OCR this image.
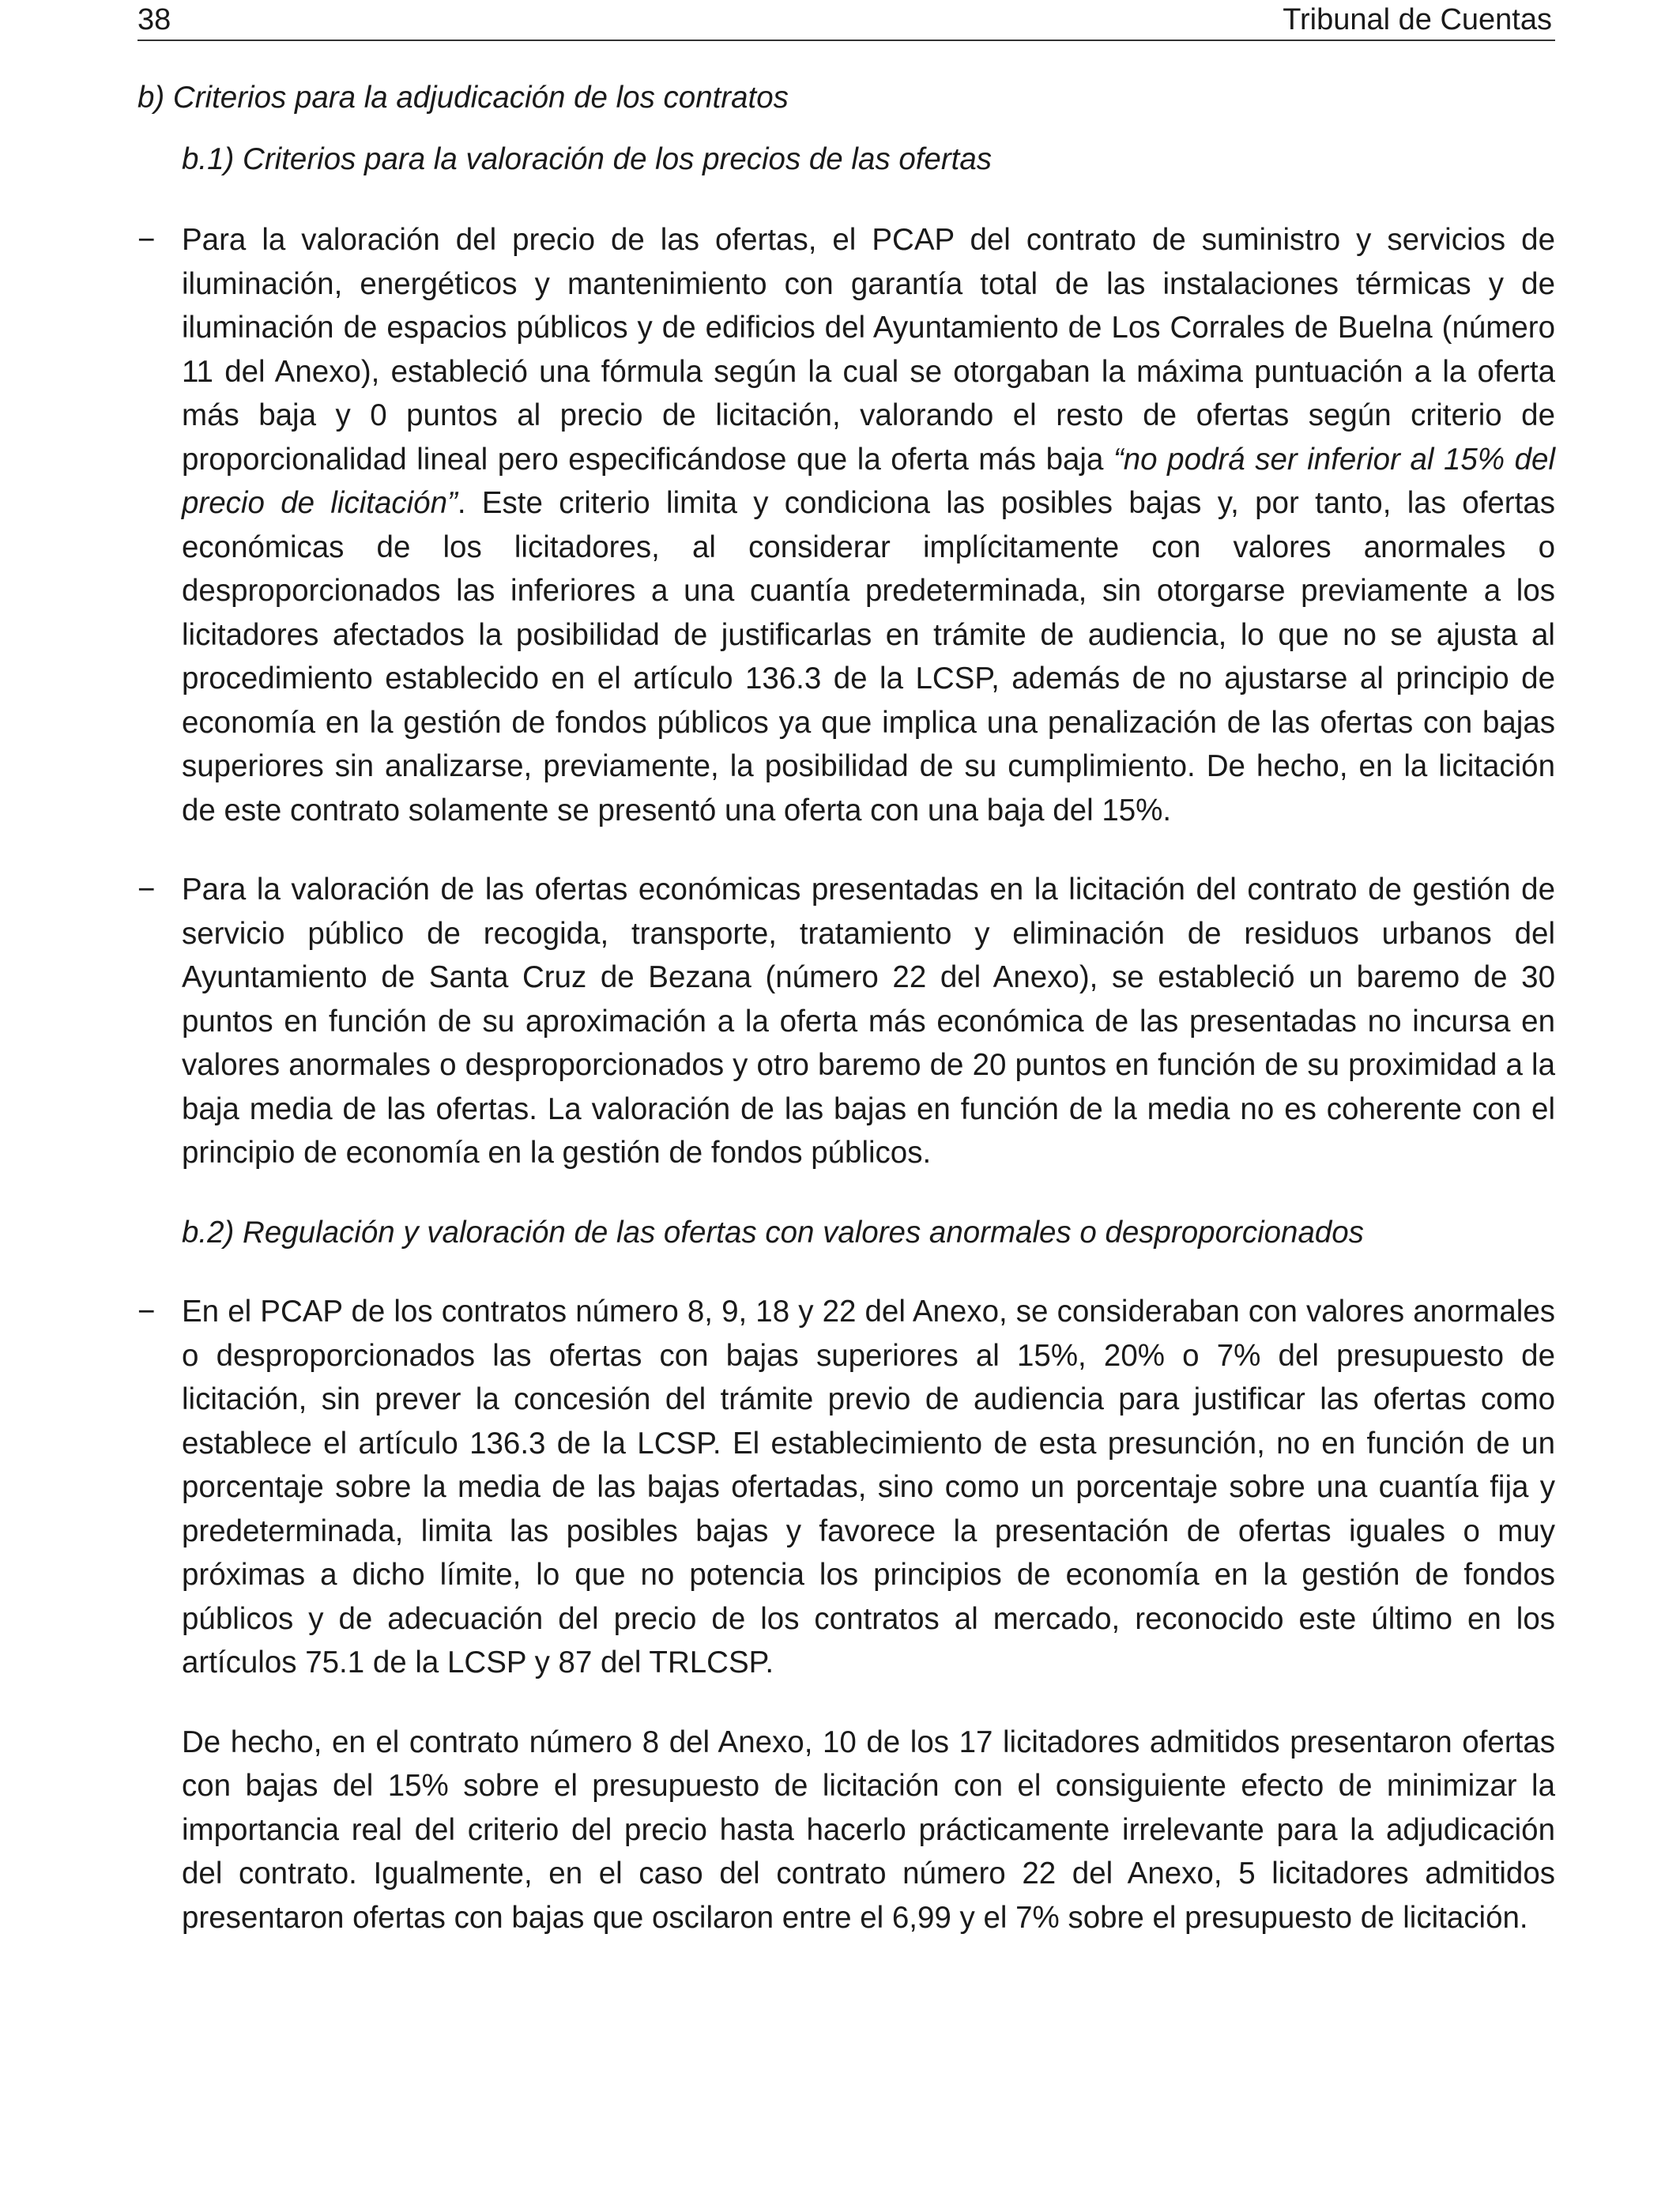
38	Tribunal de Cuentas

b) Criterios para la adjudicación de los contratos

b.1) Criterios para la valoración de los precios de las ofertas

− Para la valoración del precio de las ofertas, el PCAP del contrato de suministro y servicios de iluminación, energéticos y mantenimiento con garantía total de las instalaciones térmicas y de iluminación de espacios públicos y de edificios del Ayuntamiento de Los Corrales de Buelna (número 11 del Anexo), estableció una fórmula según la cual se otorgaban la máxima puntuación a la oferta más baja y 0 puntos al precio de licitación, valorando el resto de ofertas según criterio de proporcionalidad lineal pero especificándose que la oferta más baja “no podrá ser inferior al 15% del precio de licitación”. Este criterio limita y condiciona las posibles bajas y, por tanto, las ofertas económicas de los licitadores, al considerar implícitamente con valores anormales o desproporcionados las inferiores a una cuantía predeterminada, sin otorgarse previamente a los licitadores afectados la posibilidad de justificarlas en trámite de audiencia, lo que no se ajusta al procedimiento establecido en el artículo 136.3 de la LCSP, además de no ajustarse al principio de economía en la gestión de fondos públicos ya que implica una penalización de las ofertas con bajas superiores sin analizarse, previamente, la posibilidad de su cumplimiento. De hecho, en la licitación de este contrato solamente se presentó una oferta con una baja del 15%.
− Para la valoración de las ofertas económicas presentadas en la licitación del contrato de gestión de servicio público de recogida, transporte, tratamiento y eliminación de residuos urbanos del Ayuntamiento de Santa Cruz de Bezana (número 22 del Anexo), se estableció un baremo de 30 puntos en función de su aproximación a la oferta más económica de las presentadas no incursa en valores anormales o desproporcionados y otro baremo de 20 puntos en función de su proximidad a la baja media de las ofertas. La valoración de las bajas en función de la media no es coherente con el principio de economía en la gestión de fondos públicos.

b.2) Regulación y valoración de las ofertas con valores anormales o desproporcionados

− En el PCAP de los contratos número 8, 9, 18 y 22 del Anexo, se consideraban con valores anormales o desproporcionados las ofertas con bajas superiores al 15%, 20% o 7% del presupuesto de licitación, sin prever la concesión del trámite previo de audiencia para justificar las ofertas como establece el artículo 136.3 de la LCSP. El establecimiento de esta presunción, no en función de un porcentaje sobre la media de las bajas ofertadas, sino como un porcentaje sobre una cuantía fija y predeterminada, limita las posibles bajas y favorece la presentación de ofertas iguales o muy próximas a dicho límite, lo que no potencia los principios de economía en la gestión de fondos públicos y de adecuación del precio de los contratos al mercado, reconocido este último en los artículos 75.1 de la LCSP y 87 del TRLCSP.

De hecho, en el contrato número 8 del Anexo, 10 de los 17 licitadores admitidos presentaron ofertas con bajas del 15% sobre el presupuesto de licitación con el consiguiente efecto de minimizar la importancia real del criterio del precio hasta hacerlo prácticamente irrelevante para la adjudicación del contrato. Igualmente, en el caso del contrato número 22 del Anexo, 5 licitadores admitidos presentaron ofertas con bajas que oscilaron entre el 6,99 y el 7% sobre el presupuesto de licitación.
